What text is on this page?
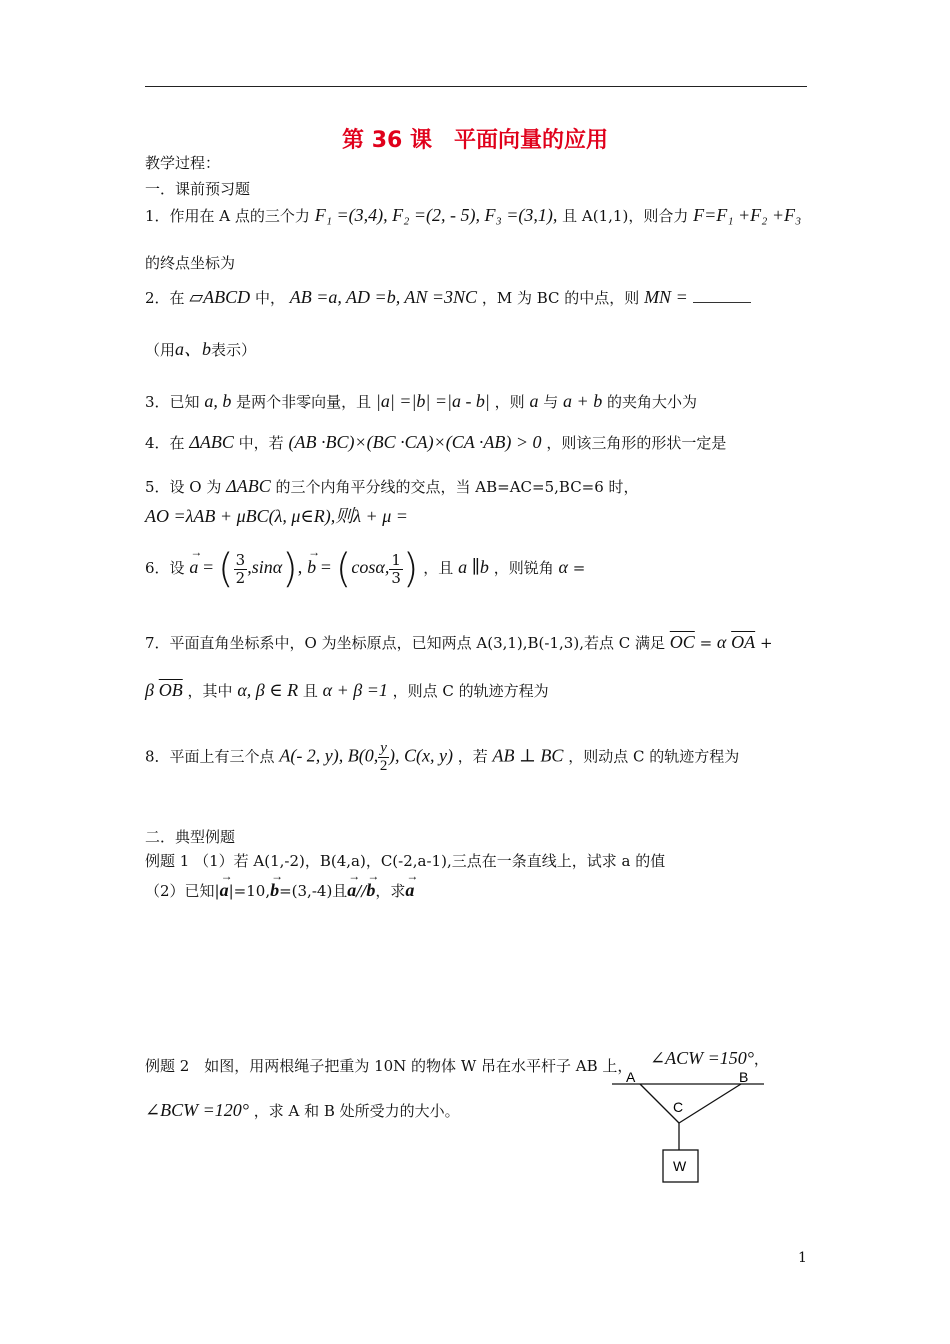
第 36 课　平面向量的应用
教学过程：
一．课前预习题
1．作用在 A 点的三个力 F₁ =(3,4), F₂ =(2, - 5), F₃ =(3,1), 且 A(1,1)，则合力 F=F₁ +F₂ +F₃
的终点坐标为
2．在 ▱ABCD 中， AB =a, AD =b, AN =3NC ，M 为 BC 的中点，则 MN =
（用a、b表示）
3．已知 a, b 是两个非零向量，且 |a| =|b| =|a - b| ，则 a 与 a + b 的夹角大小为
4．在 ΔABC 中，若 (AB ·BC)×(BC ·CA)×(CA ·AB) > 0 ，则该三角形的形状一定是
5．设 O 为 ΔABC 的三个内角平分线的交点，当 AB=AC=5,BC=6 时，
AO =λAB + μBC(λ, μ∈R),则λ + μ =
6．设
→
a = ( $\frac{3}{2} ,\sin\alpha$),
→
b = (cosα, $\frac{1}{3}$ ) ，且 a ∥b ，则锐角 α =
7．平面直角坐标系中，O 为坐标原点，已知两点 A(3,1),B(-1,3),若点 C 满足 $\overline{OC} = \alpha$ $\overline{OA}$ +
β $\overline{OB}$ ，其中 α, β ∈ R 且 α + β =1 ，则点 C 的轨迹方程为
8．平面上有三个点 A(- 2, y), B(0, $\frac{y}{2}$ ), C(x, y) ，若 AB ⊥ BC ，则动点 C 的轨迹方程为
二．典型例题
例题 1 （1）若 A(1,-2)，B(4,a)，C(-2,a-1),三点在一条直线上，试求 a 的值
（2）已知|
→
a|=10,
→
b=(3,-4)且
→
a//
→
b，求
→
a
例题 2　如图，用两根绳子把重为 10N 的物体 W 吊在水平杆子 AB 上， ∠ACW =150°，
∠BCW =120° ，求 A 和 B 处所受力的大小。
A	B
C
W
1
